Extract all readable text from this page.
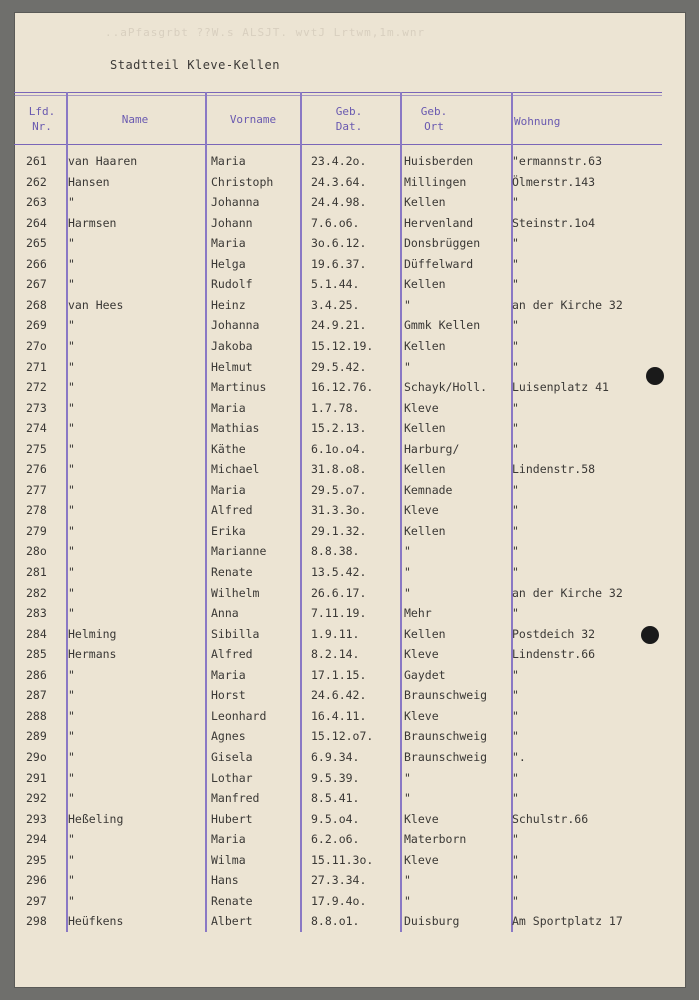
..aPfasgrbt ??W.s ALSJT. wvtJ Lrtwm,1m.wnr
Stadtteil Kleve-Kellen
Lfd.
Nr.
Name	Vorname
Geb.
Dat.
Geb.
Ort	Wohnung
261 van Haaren	Maria	23.4.2o.	Huisberden	"ermannstr.63
262 Hansen	Christoph	24.3.64.	Millingen	Ölmerstr.143
263 "	Johanna	24.4.98.	Kellen	"
264 Harmsen	Johann	7.6.o6.	Hervenland	Steinstr.1o4
265 "	Maria	3o.6.12.	Donsbrüggen	"
266 "	Helga	19.6.37.	Düffelward	"
267 "	Rudolf	5.1.44.	Kellen	"
268 van Hees	Heinz	3.4.25.	"	an der Kirche 32
269 "	Johanna	24.9.21.	Gmmk Kellen	"
27o "	Jakoba	15.12.19.	Kellen	"
271 "	Helmut	29.5.42.	"	"
272 "	Martinus	16.12.76.	Schayk/Holl. Luisenplatz 41
273 "	Maria	1.7.78.	Kleve	"
274 "	Mathias	15.2.13.	Kellen	"
275 "	Käthe	6.1o.o4.	Harburg/	"
276 "	Michael	31.8.o8.	Kellen	Lindenstr.58
277 "	Maria	29.5.o7.	Kemnade	"
278 "	Alfred	31.3.3o.	Kleve	"
279 "	Erika	29.1.32.	Kellen	"
28o "	Marianne	8.8.38.	"	"
281 "	Renate	13.5.42.	"	"
282 "	Wilhelm	26.6.17.	"	an der Kirche 32
283 "	Anna	7.11.19.	Mehr	"
284 Helming	Sibilla	1.9.11.	Kellen	Postdeich 32
285 Hermans	Alfred	8.2.14.	Kleve	Lindenstr.66
286 "	Maria	17.1.15.	Gaydet	"
287 "	Horst	24.6.42.	Braunschweig "
288 "	Leonhard	16.4.11.	Kleve	"
289 "	Agnes	15.12.o7.	Braunschweig "
29o "	Gisela	6.9.34.	Braunschweig ".
291 "	Lothar	9.5.39.	"	"
292 "	Manfred	8.5.41.	"	"
293 Heßeling	Hubert	9.5.o4.	Kleve	Schulstr.66
294 "	Maria	6.2.o6.	Materborn	"
295 "	Wilma	15.11.3o.	Kleve	"
296 "	Hans	27.3.34.	"	"
297 "	Renate	17.9.4o.	"	"
298 Heüfkens	Albert	8.8.o1.	Duisburg	Am Sportplatz 17
